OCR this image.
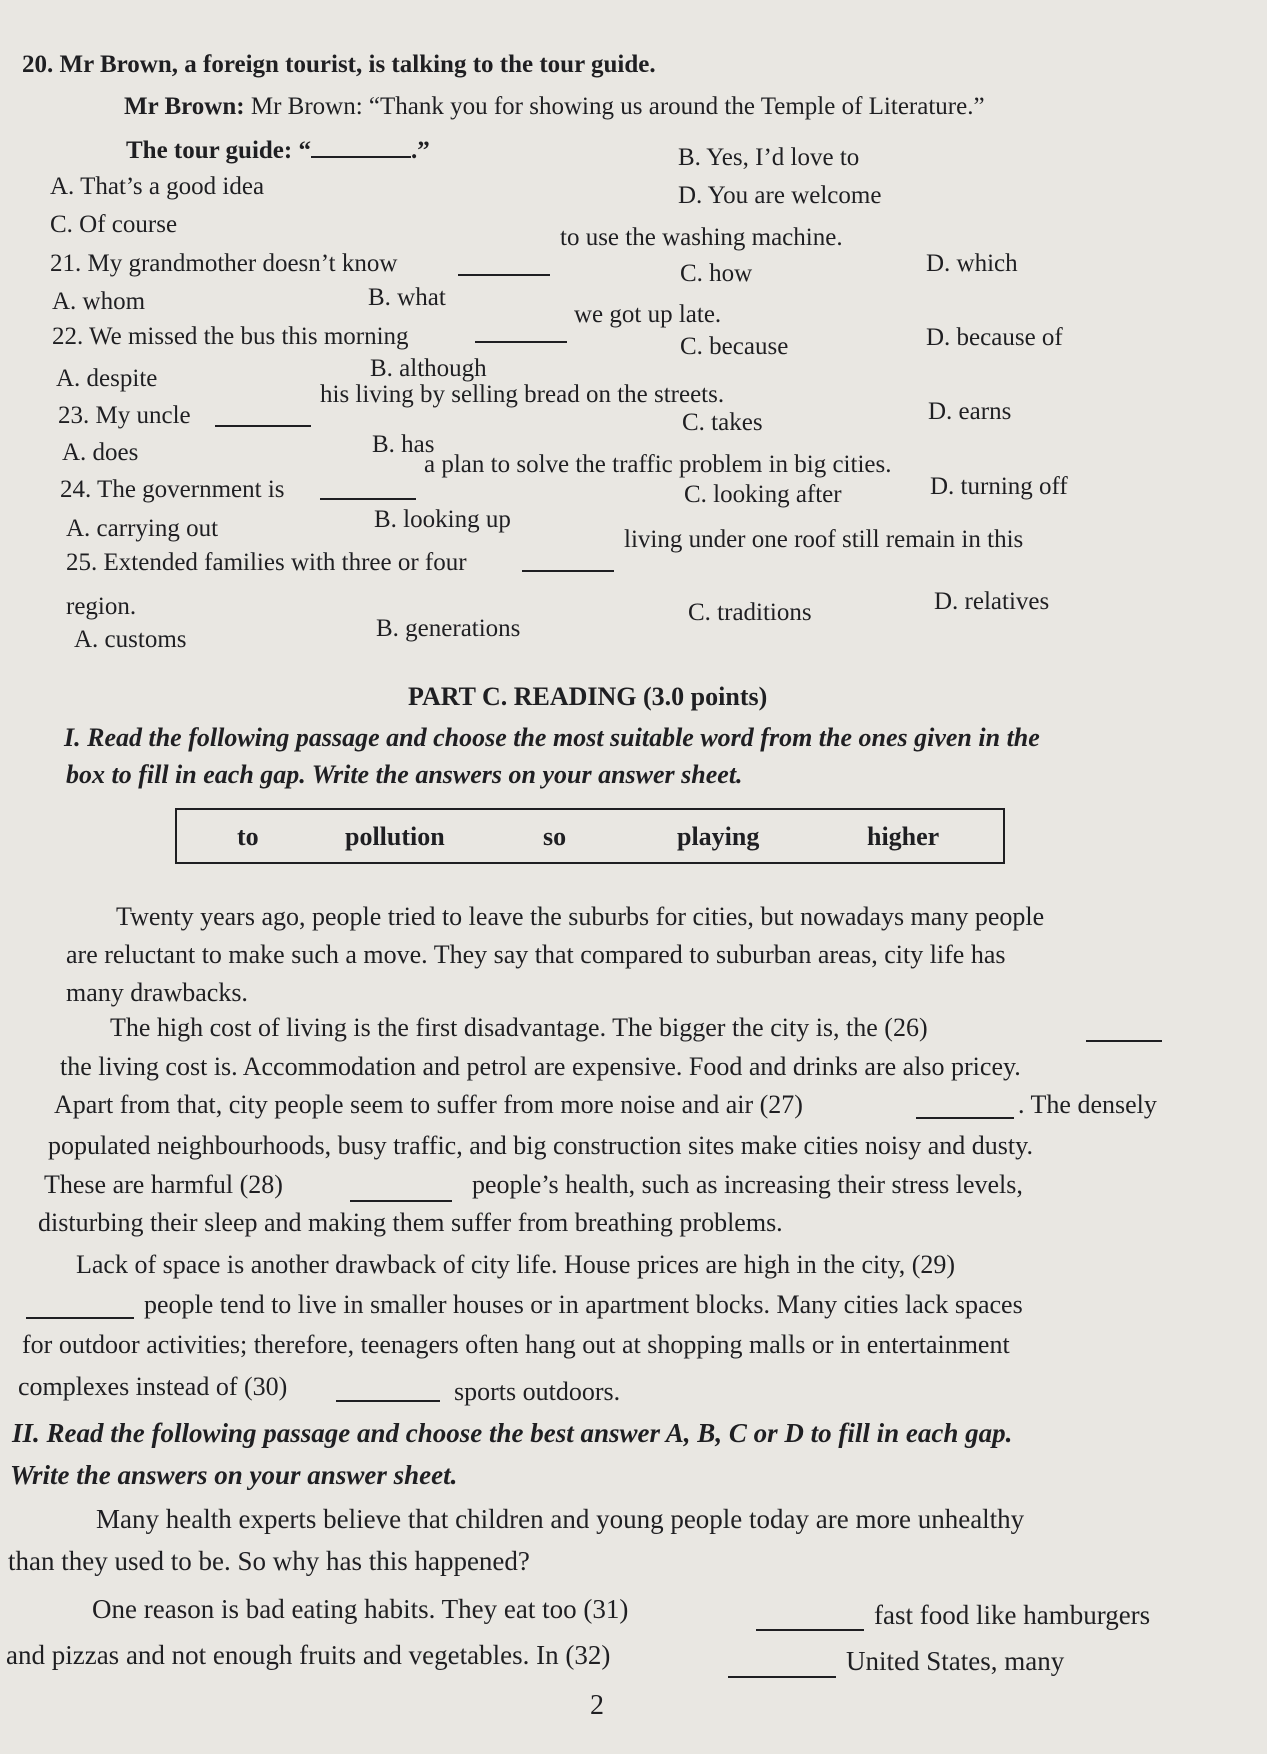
20. Mr Brown, a foreign tourist, is talking to the tour guide.
Mr Brown: Mr Brown: “Thank you for showing us around the Temple of Literature.”
The tour guide: “	.”
A. That’s a good idea
B. Yes, I’d love to
C. Of course
D. You are welcome
21. My grandmother doesn’t know
to use the washing machine.
A. whom	B. what
C. how	D. which
22. We missed the bus this morning
we got up late.
A. despite	B. although
C. because	D. because of
23. My uncle
his living by selling bread on the streets.
A. does	B. has
C. takes	D. earns
24. The government is
a plan to solve the traffic problem in big cities.
A. carrying out	B. looking up
C. looking after	D. turning off
25. Extended families with three or four
living under one roof still remain in this
region.
A. customs	B. generations
C. traditions	D. relatives
PART C. READING (3.0 points)
I. Read the following passage and choose the most suitable word from the ones given in the
box to fill in each gap. Write the answers on your answer sheet.
to	pollution	so	playing	higher
Twenty years ago, people tried to leave the suburbs for cities, but nowadays many people
are reluctant to make such a move. They say that compared to suburban areas, city life has
many drawbacks.
The high cost of living is the first disadvantage. The bigger the city is, the (26)
the living cost is. Accommodation and petrol are expensive. Food and drinks are also pricey.
Apart from that, city people seem to suffer from more noise and air (27)	. The densely
populated neighbourhoods, busy traffic, and big construction sites make cities noisy and dusty.
These are harmful (28)	people’s health, such as increasing their stress levels,
disturbing their sleep and making them suffer from breathing problems.
Lack of space is another drawback of city life. House prices are high in the city, (29)
people tend to live in smaller houses or in apartment blocks. Many cities lack spaces
for outdoor activities; therefore, teenagers often hang out at shopping malls or in entertainment
complexes instead of (30)	sports outdoors.
II. Read the following passage and choose the best answer A, B, C or D to fill in each gap.
Write the answers on your answer sheet.
Many health experts believe that children and young people today are more unhealthy
than they used to be. So why has this happened?
One reason is bad eating habits. They eat too (31)	fast food like hamburgers
and pizzas and not enough fruits and vegetables. In (32)	United States, many
2
